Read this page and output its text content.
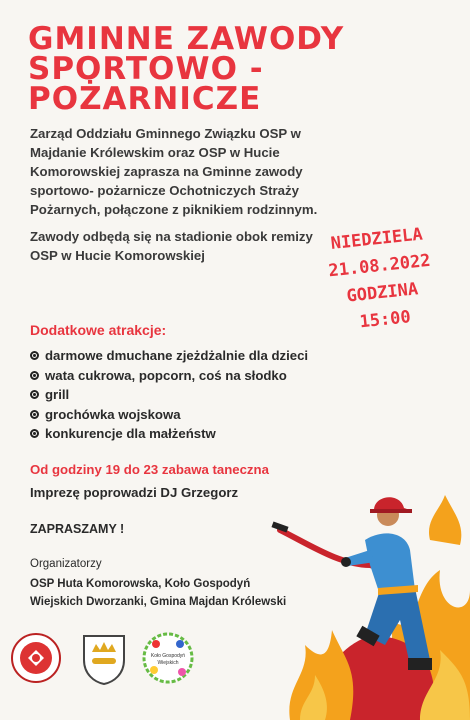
GMINNE ZAWODY
SPORTOWO -
POŻARNICZE

Zarząd Oddziału Gminnego Związku OSP w Majdanie Królewskim oraz OSP w Hucie Komorowskiej zaprasza na Gminne zawody sportowo- pożarnicze Ochotniczych Straży Pożarnych, połączone z piknikiem rodzinnym.

Zawody odbędą się na stadionie obok remizy OSP w Hucie Komorowskiej

NIEDZIELA
21.08.2022
GODZINA
15:00
Dodatkowe atrakcje:
darmowe dmuchane zjeżdżalnie dla dzieci
wata cukrowa, popcorn, coś na słodko
grill
grochówka wojskowa
konkurencje dla małżeństw
Od godziny 19 do 23 zabawa taneczna
Imprezę poprowadzi DJ Grzegorz
ZAPRASZAMY !
Organizatorzy
OSP Huta Komorowska, Koło Gospodyń
Wiejskich Dworzanki, Gmina Majdan Królewski
Koło Gospodyń
Wiejskich
